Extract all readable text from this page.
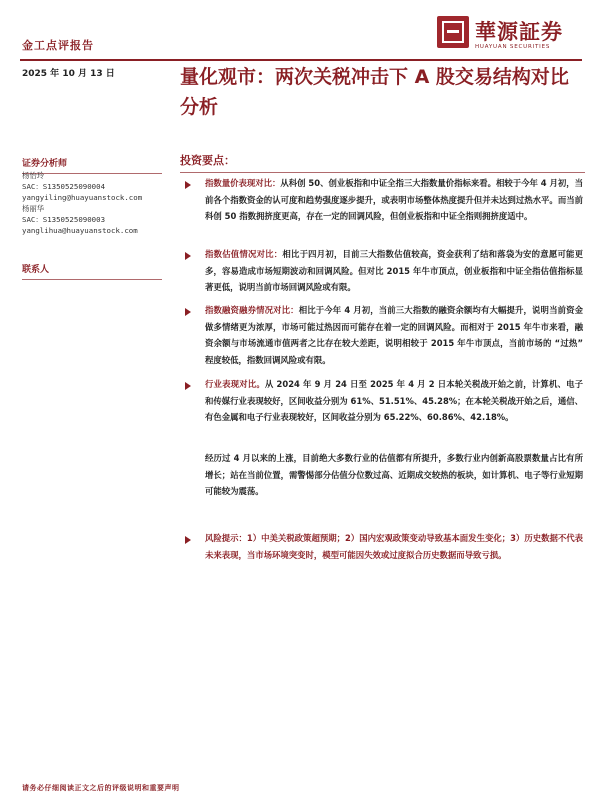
金工点评报告
華源証券
HUAYUAN SECURITIES
2025 年 10 月 13 日	量化观市：两次关税冲击下 A 股交易结构对比分析
证券分析师
杨怡玲
SAC：S1350525090004
yangyiling@huayuanstock.com
杨丽华
SAC：S1350525090003
yanglihua@huayuanstock.com
联系人
投资要点：

指数量价表现对比：从科创 50、创业板指和中证全指三大指数量价指标来看。相较于今年 4 月初，当前各个指数资金的认可度和趋势强度逐步提升，或表明市场整体热度提升但并未达到过热水平。而当前科创 50 指数拥挤度更高，存在一定的回调风险，但创业板指和中证全指则拥挤度适中。

指数估值情况对比：相比于四月初，目前三大指数估值较高，资金获利了结和落袋为安的意愿可能更多，容易造成市场短期波动和回调风险。但对比 2015 年牛市顶点，创业板指和中证全指估值指标显著更低，说明当前市场回调风险或有限。

指数融资融券情况对比：相比于今年 4 月初，当前三大指数的融资余额均有大幅提升，说明当前资金做多情绪更为浓厚，市场可能过热因而可能存在着一定的回调风险。而相对于 2015 年牛市来看，融资余额与市场流通市值两者之比存在较大差距，说明相较于 2015 年牛市顶点，当前市场的 “过热” 程度较低，指数回调风险或有限。

行业表现对比。从 2024 年 9 月 24 日至 2025 年 4 月 2 日本轮关税战开始之前，计算机、电子和传媒行业表现较好，区间收益分别为 61%、51.51%、45.28%；在本轮关税战开始之后，通信、有色金属和电子行业表现较好，区间收益分别为 65.22%、60.86%、42.18%。

经历过 4 月以来的上涨，目前绝大多数行业的估值都有所提升，多数行业内创新高股票数量占比有所增长；站在当前位置，需警惕部分估值分位数过高、近期成交较热的板块，如计算机、电子等行业短期可能较为震荡。

风险提示：1）中美关税政策超预期；2）国内宏观政策变动导致基本面发生变化；3）历史数据不代表未来表现，当市场环境突变时，模型可能因失效或过度拟合历史数据而导致亏损。

请务必仔细阅读正文之后的评级说明和重要声明
